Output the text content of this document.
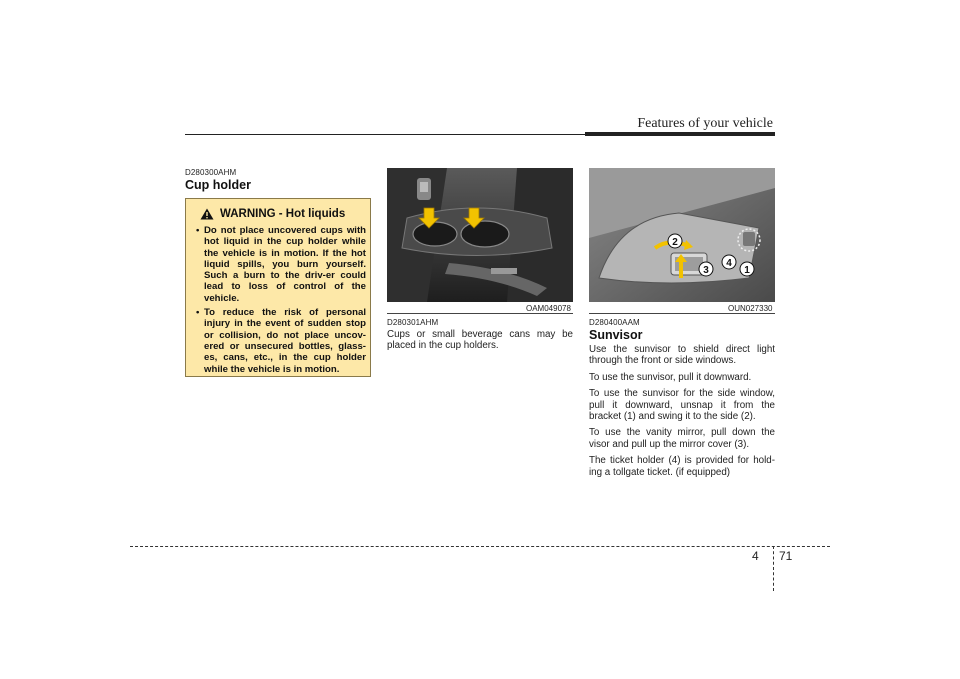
Features of your vehicle
D280300AHM
Cup holder
WARNING - Hot liquids
• Do not place uncovered cups with hot liquid in the cup holder while the vehicle is in motion. If the hot liquid spills, you burn yourself. Such a burn to the driv-er could lead to loss of control of the vehicle.
• To reduce the risk of personal injury in the event of sudden stop or collision, do not place uncov-ered or unsecured bottles, glass-es, cans, etc., in the cup holder while the vehicle is in motion.
OAM049078
D280301AHM

Cups or small beverage cans may be placed in the cup holders.

1
2
3
4
OUN027330
D280400AAM
Sunvisor

Use the sunvisor to shield direct light through the front or side windows.

To use the sunvisor, pull it downward.

To use the sunvisor for the side window, pull it downward, unsnap it from the bracket (1) and swing it to the side (2).

To use the vanity mirror, pull down the visor and pull up the mirror cover (3).

The ticket holder (4) is provided for hold-ing a tollgate ticket. (if equipped)

4 71
